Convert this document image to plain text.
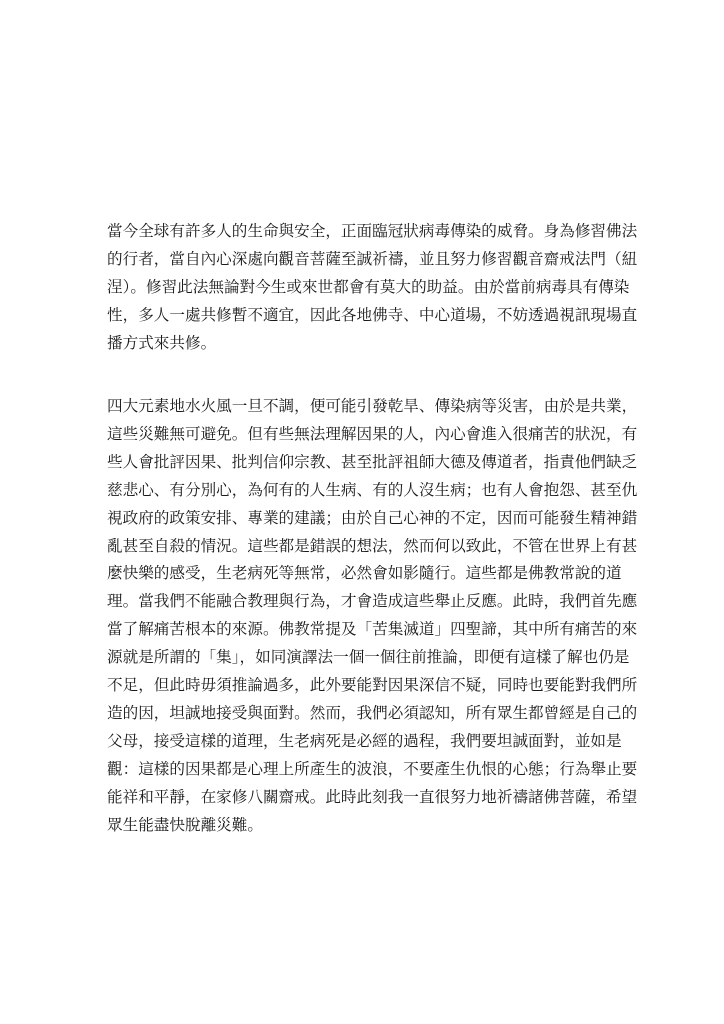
當今全球有許多人的生命與安全，正面臨冠狀病毒傳染的威脅。身為修習佛法
的行者，當自內心深處向觀音菩薩至誠祈禱，並且努力修習觀音齋戒法門（紐
涅）。修習此法無論對今生或來世都會有莫大的助益。由於當前病毒具有傳染
性，多人一處共修暫不適宜，因此各地佛寺、中心道場，不妨透過視訊現場直
播方式來共修。
四大元素地水火風一旦不調，便可能引發乾旱、傳染病等災害，由於是共業，
這些災難無可避免。但有些無法理解因果的人，內心會進入很痛苦的狀況，有
些人會批評因果、批判信仰宗教、甚至批評祖師大德及傳道者，指責他們缺乏
慈悲心、有分別心，為何有的人生病、有的人沒生病；也有人會抱怨、甚至仇
視政府的政策安排、專業的建議；由於自己心神的不定，因而可能發生精神錯
亂甚至自殺的情況。這些都是錯誤的想法，然而何以致此，不管在世界上有甚
麼快樂的感受，生老病死等無常，必然會如影隨行。這些都是佛教常說的道
理。當我們不能融合教理與行為，才會造成這些舉止反應。此時，我們首先應
當了解痛苦根本的來源。佛教常提及「苦集滅道」四聖諦，其中所有痛苦的來
源就是所謂的「集」，如同演譯法一個一個往前推論，即便有這樣了解也仍是
不足，但此時毋須推論過多，此外要能對因果深信不疑，同時也要能對我們所
造的因，坦誠地接受與面對。然而，我們必須認知，所有眾生都曾經是自己的
父母，接受這樣的道理，生老病死是必經的過程，我們要坦誠面對，並如是
觀：這樣的因果都是心理上所產生的波浪，不要產生仇恨的心態；行為舉止要
能祥和平靜，在家修八關齋戒。此時此刻我一直很努力地祈禱諸佛菩薩，希望
眾生能盡快脫離災難。
